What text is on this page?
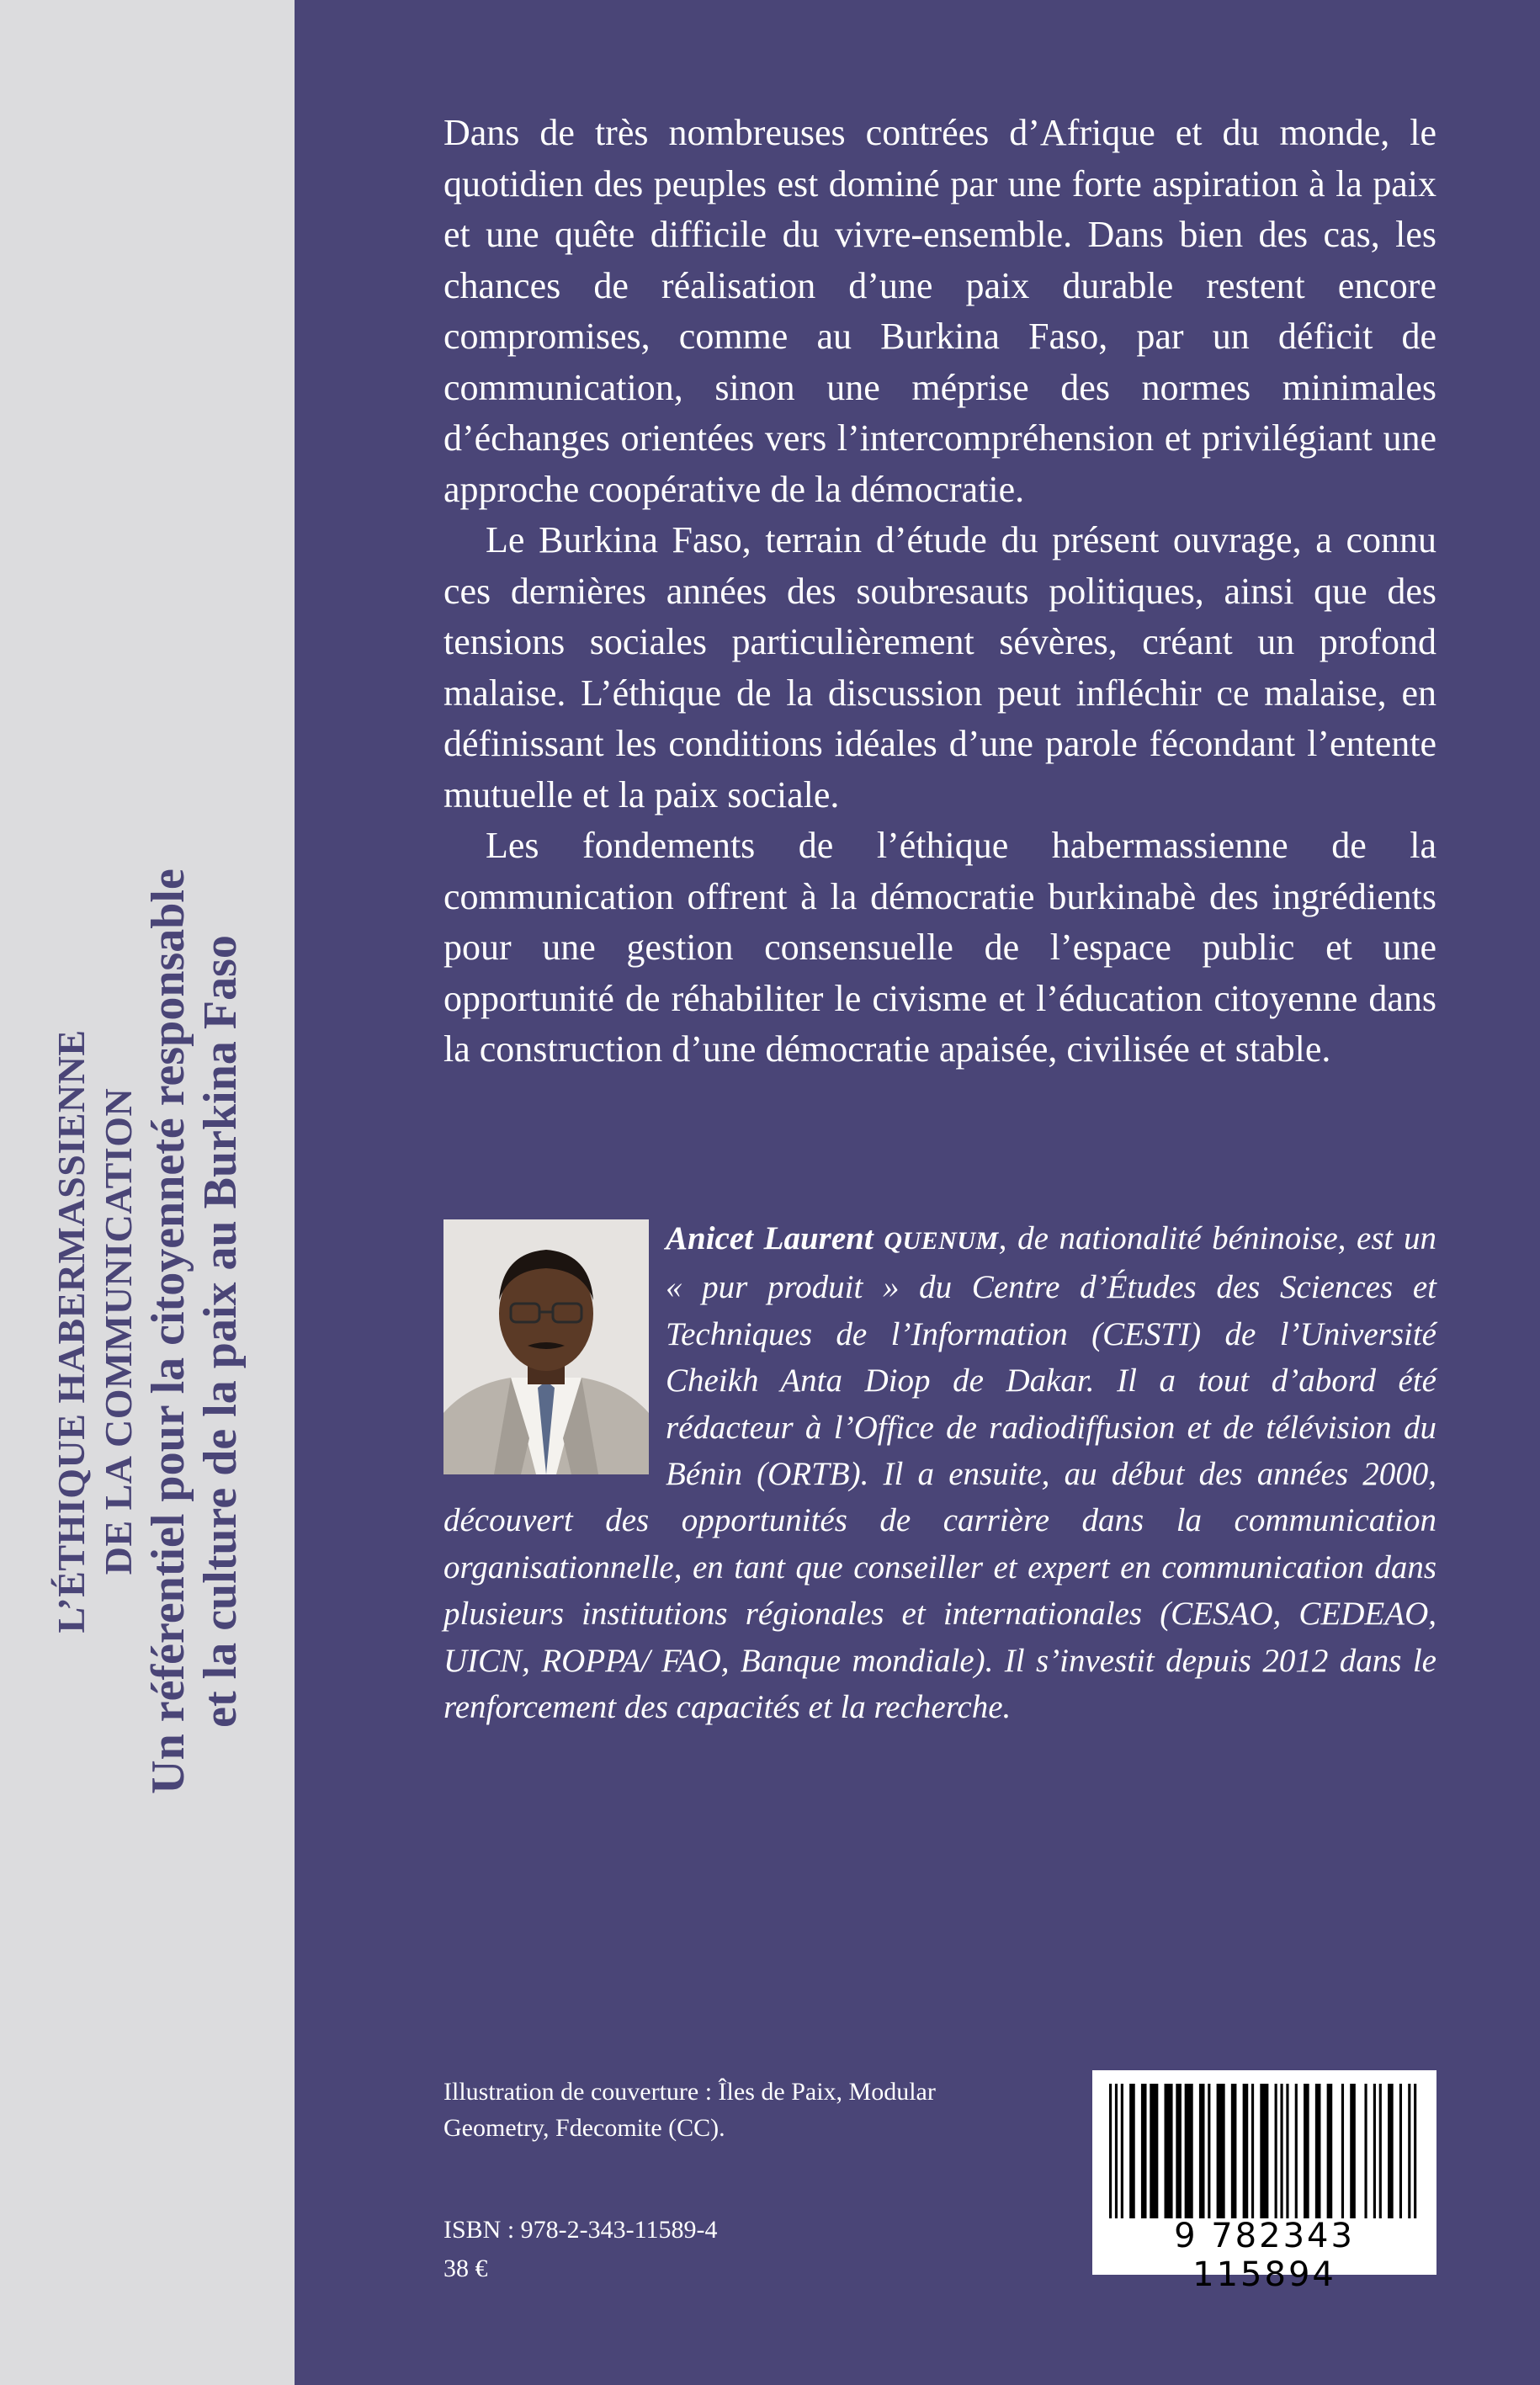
L’ÉTHIQUE HABERMASSIENNE DE LA COMMUNICATION Un référentiel pour la citoyenneté responsable et la culture de la paix au Burkina Faso

Dans de très nombreuses contrées d’Afrique et du monde, le quotidien des peuples est dominé par une forte aspiration à la paix et une quête difficile du vivre-ensemble. Dans bien des cas, les chances de réalisation d’une paix durable restent encore compromises, comme au Burkina Faso, par un déficit de communication, sinon une méprise des normes minimales d’échanges orientées vers l’intercompréhension et privilégiant une approche coopérative de la démocratie.

Le Burkina Faso, terrain d’étude du présent ouvrage, a connu ces dernières années des soubresauts politiques, ainsi que des tensions sociales particulièrement sévères, créant un profond malaise. L’éthique de la discussion peut infléchir ce malaise, en définissant les conditions idéales d’une parole fécondant l’entente mutuelle et la paix sociale.

Les fondements de l’éthique habermassienne de la communication offrent à la démocratie burkinabè des ingrédients pour une gestion consensuelle de l’espace public et une opportunité de réhabiliter le civisme et l’éducation citoyenne dans la construction d’une démocratie apaisée, civilisée et stable.

Anicet Laurent QUENUM, de nationalité béninoise, est un « pur produit » du Centre d’Études des Sciences et Techniques de l’Information (CESTI) de l’Université Cheikh Anta Diop de Dakar. Il a tout d’abord été rédacteur à l’Office de radiodiffusion et de télévision du Bénin (ORTB). Il a ensuite, au début des années 2000, découvert des opportunités de carrière dans la communication organisationnelle, en tant que conseiller et expert en communication dans plusieurs institutions régionales et internationales (CESAO, CEDEAO, UICN, ROPPA/ FAO, Banque mondiale). Il s’investit depuis 2012 dans le renforcement des capacités et la recherche.
Illustration de couverture : Îles de Paix, Modular Geometry, Fdecomite (CC).
ISBN : 978-2-343-11589-4
38 €
9 782343 115894
